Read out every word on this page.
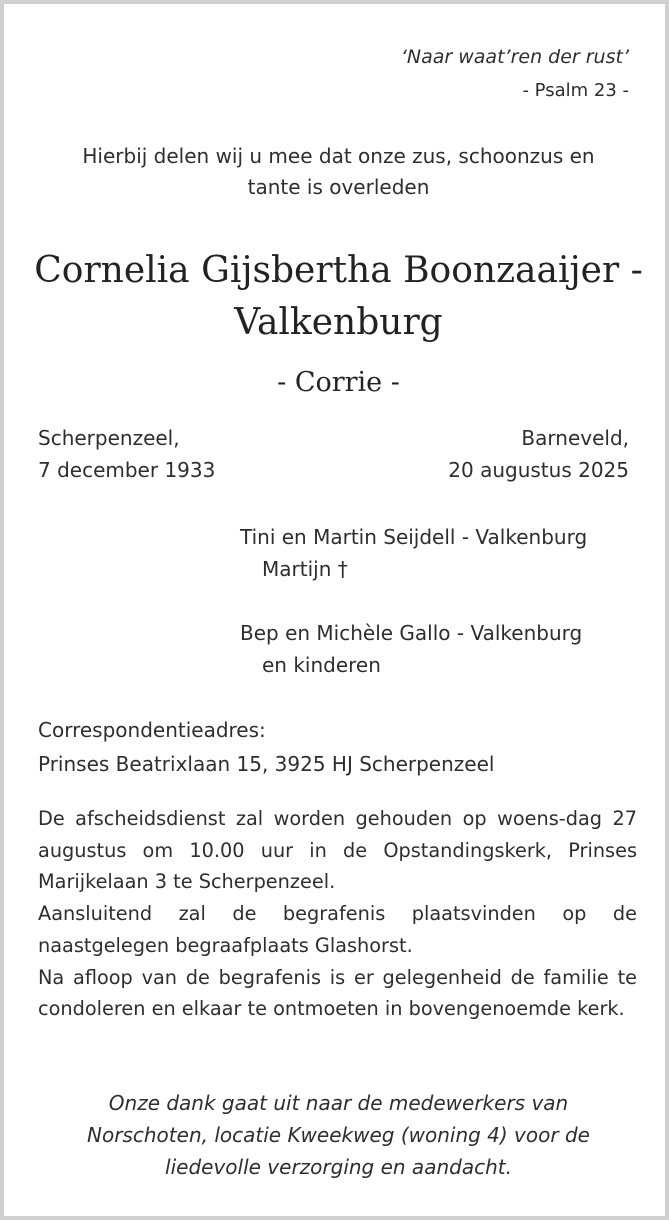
‘Naar waat’ren der rust’
- Psalm 23 -
Hierbij delen wij u mee dat onze zus, schoonzus en
tante is overleden
Cornelia Gijsbertha Boonzaaijer -
Valkenburg
- Corrie -
Scherpenzeel,
7 december 1933
Barneveld,
20 augustus 2025
Tini en Martin Seijdell - Valkenburg
Martijn †
Bep en Michèle Gallo - Valkenburg
en kinderen
Correspondentieadres:
Prinses Beatrixlaan 15, 3925 HJ Scherpenzeel

De afscheidsdienst zal worden gehouden op woens-dag 27 augustus om 10.00 uur in de Opstandingskerk, Prinses Marijkelaan 3 te Scherpenzeel.

Aansluitend zal de begrafenis plaatsvinden op de naastgelegen begraafplaats Glashorst.

Na afloop van de begrafenis is er gelegenheid de familie te condoleren en elkaar te ontmoeten in bovengenoemde kerk.

Onze dank gaat uit naar de medewerkers van
Norschoten, locatie Kweekweg (woning 4) voor de
liedevolle verzorging en aandacht.
